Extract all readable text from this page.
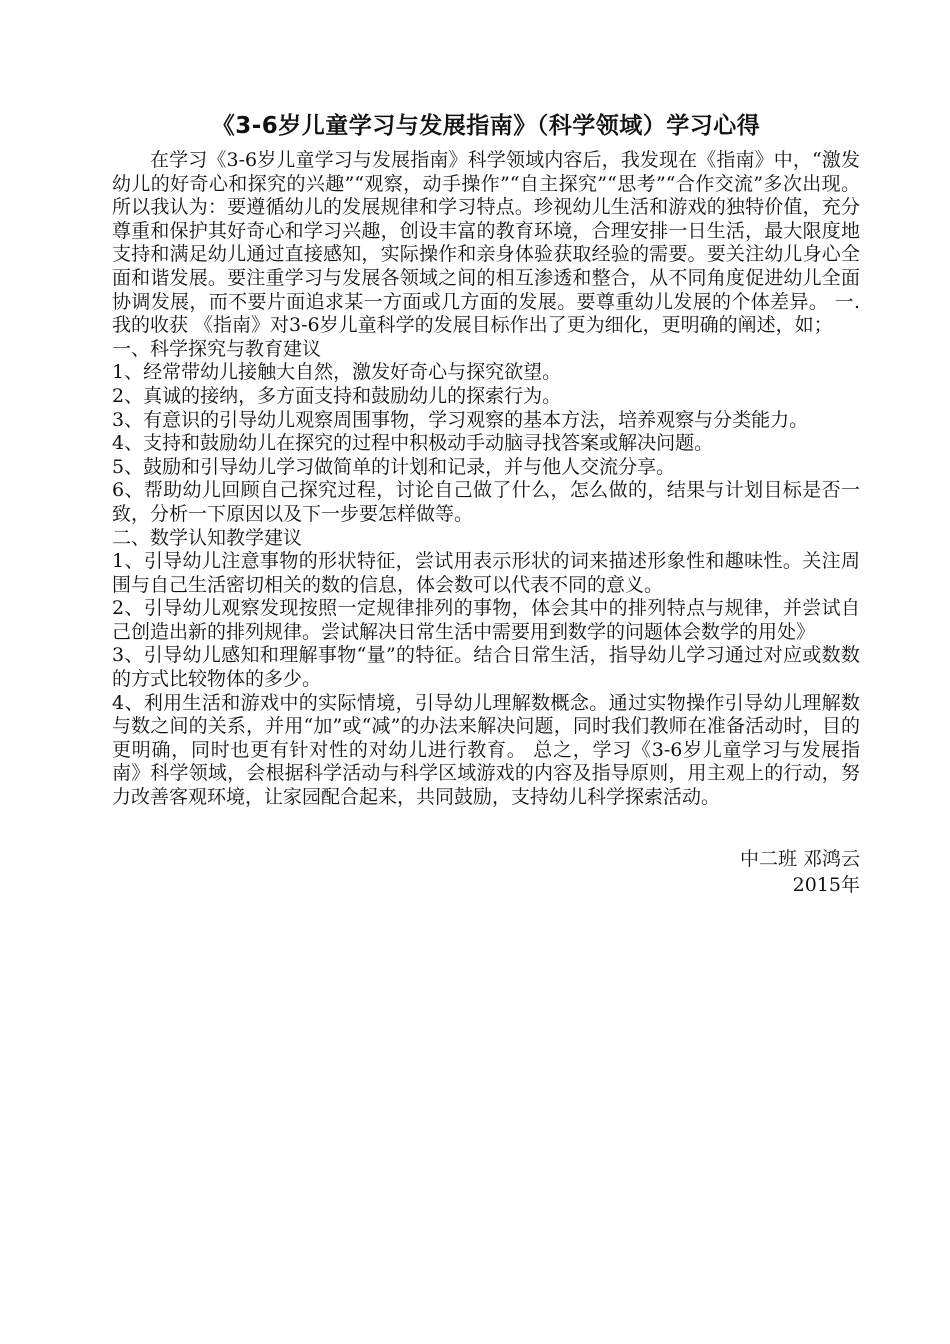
《3-6岁儿童学习与发展指南》（科学领域）学习心得

在学习《3-6岁儿童学习与发展指南》科学领域内容后，我发现在《指南》中，“激发幼儿的好奇心和探究的兴趣”“观察，动手操作”“自主探究”“思考”“合作交流”多次出现。所以我认为：要遵循幼儿的发展规律和学习特点。珍视幼儿生活和游戏的独特价值，充分尊重和保护其好奇心和学习兴趣，创设丰富的教育环境，合理安排一日生活，最大限度地支持和满足幼儿通过直接感知，实际操作和亲身体验获取经验的需要。要关注幼儿身心全面和谐发展。要注重学习与发展各领域之间的相互渗透和整合，从不同角度促进幼儿全面协调发展，而不要片面追求某一方面或几方面的发展。要尊重幼儿发展的个体差异。 一. 我的收获 《指南》对3-6岁儿童科学的发展目标作出了更为细化，更明确的阐述，如；

一、科学探究与教育建议

1、经常带幼儿接触大自然，激发好奇心与探究欲望。

2、真诚的接纳，多方面支持和鼓励幼儿的探索行为。

3、有意识的引导幼儿观察周围事物，学习观察的基本方法，培养观察与分类能力。

4、支持和鼓励幼儿在探究的过程中积极动手动脑寻找答案或解决问题。

5、鼓励和引导幼儿学习做简单的计划和记录，并与他人交流分享。

6、帮助幼儿回顾自己探究过程，讨论自己做了什么，怎么做的，结果与计划目标是否一致，分析一下原因以及下一步要怎样做等。

二、数学认知教学建议

1、引导幼儿注意事物的形状特征，尝试用表示形状的词来描述形象性和趣味性。关注周围与自己生活密切相关的数的信息，体会数可以代表不同的意义。

2、引导幼儿观察发现按照一定规律排列的事物，体会其中的排列特点与规律，并尝试自己创造出新的排列规律。尝试解决日常生活中需要用到数学的问题体会数学的用处》

3、引导幼儿感知和理解事物“量”的特征。结合日常生活，指导幼儿学习通过对应或数数的方式比较物体的多少。

4、利用生活和游戏中的实际情境，引导幼儿理解数概念。通过实物操作引导幼儿理解数与数之间的关系，并用“加”或“减”的办法来解决问题，同时我们教师在准备活动时，目的更明确，同时也更有针对性的对幼儿进行教育。 总之，学习《3-6岁儿童学习与发展指南》科学领域，会根据科学活动与科学区域游戏的内容及指导原则，用主观上的行动，努力改善客观环境，让家园配合起来，共同鼓励，支持幼儿科学探索活动。

中二班 邓鸿云
2015年
